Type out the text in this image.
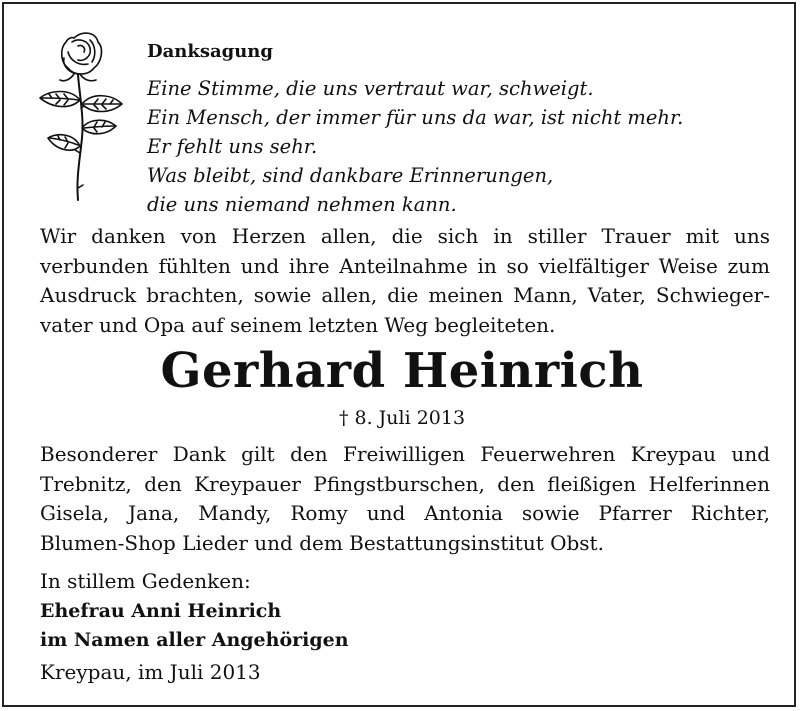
Danksagung
Eine Stimme, die uns vertraut war, schweigt.
Ein Mensch, der immer für uns da war, ist nicht mehr.
Er fehlt uns sehr.
Was bleibt, sind dankbare Erinnerungen,
die uns niemand nehmen kann.
Wir danken von Herzen allen, die sich in stiller Trauer mit uns
verbunden fühlten und ihre Anteilnahme in so vielfältiger Weise zum
Ausdruck brachten, sowie allen, die meinen Mann, Vater, Schwieger-
vater und Opa auf seinem letzten Weg begleiteten.
Gerhard Heinrich
† 8. Juli 2013
Besonderer Dank gilt den Freiwilligen Feuerwehren Kreypau und
Trebnitz, den Kreypauer Pfingstburschen, den fleißigen Helferinnen
Gisela, Jana, Mandy, Romy und Antonia sowie Pfarrer Richter,
Blumen-Shop Lieder und dem Bestattungsinstitut Obst.
In stillem Gedenken:
Ehefrau Anni Heinrich
im Namen aller Angehörigen
Kreypau, im Juli 2013
